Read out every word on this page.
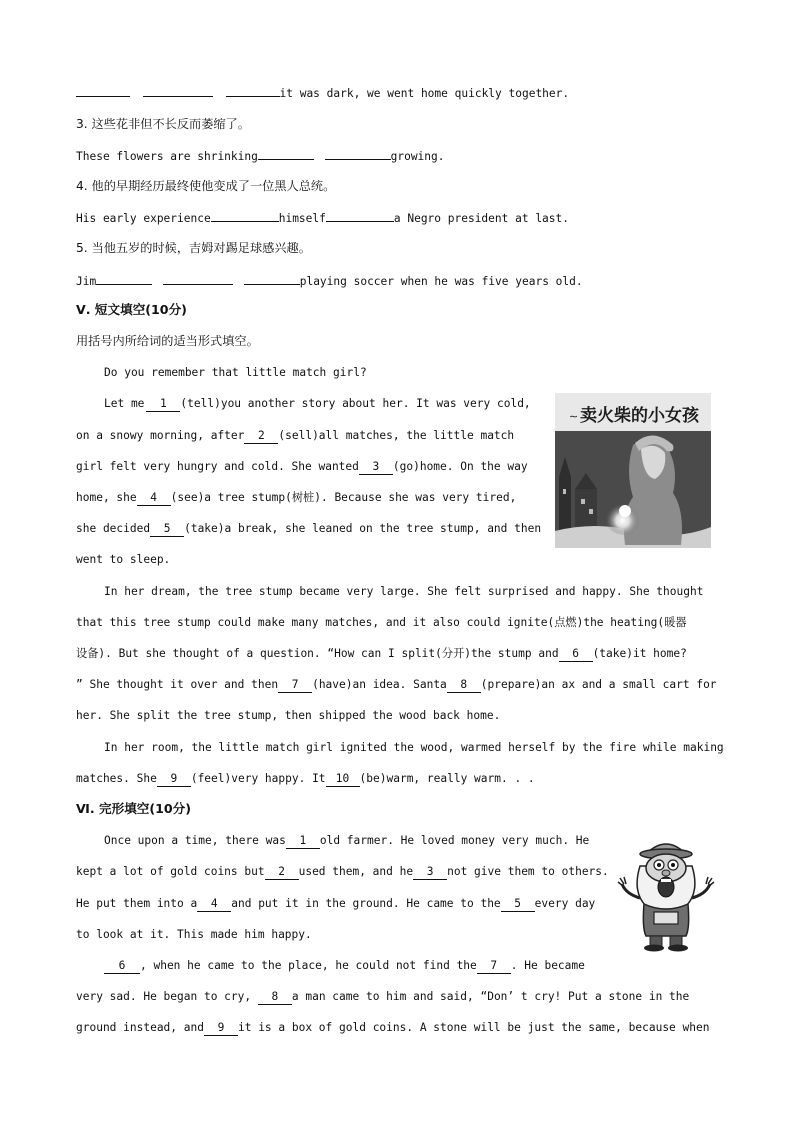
it was dark, we went home quickly together.
3. 这些花非但不长反而萎缩了。
These flowers are shrinking	growing.
4. 他的早期经历最终使他变成了一位黑人总统。
His early experience	himself	a Negro president at last.
5. 当他五岁的时候，吉姆对踢足球感兴趣。
Jim	playing soccer when he was five years old.
Ⅴ. 短文填空(10分)
用括号内所给词的适当形式填空。
Do you remember that little match girl?
Let me 1 (tell)you another story about her. It was very cold,
on a snowy morning, after 2 (sell)all matches, the little match
girl felt very hungry and cold. She wanted 3 (go)home. On the way
home, she 4 (see)a tree stump(树桩). Because she was very tired,
she decided 5 (take)a break, she leaned on the tree stump, and then
went to sleep.
∼ 卖火柴的小女孩
In her dream, the tree stump became very large. She felt surprised and happy. She thought
that this tree stump could make many matches, and it also could ignite(点燃)the heating(暖器
设备). But she thought of a question. “How can I split(分开)the stump and 6 (take)it home?
” She thought it over and then 7 (have)an idea. Santa 8 (prepare)an ax and a small cart for
her. She split the tree stump, then shipped the wood back home.
In her room, the little match girl ignited the wood, warmed herself by the fire while making
matches. She 9 (feel)very happy. It 10 (be)warm, really warm. . .
Ⅵ. 完形填空(10分)
Once upon a time, there was 1 old farmer. He loved money very much. He
kept a lot of gold coins but 2 used them, and he 3 not give them to others.
He put them into a 4 and put it in the ground. He came to the 5 every day
to look at it. This made him happy.
6 , when he came to the place, he could not find the 7 . He became
very sad. He began to cry, 8 a man came to him and said, “Don’ t cry! Put a stone in the
ground instead, and 9 it is a box of gold coins. A stone will be just the same, because when
